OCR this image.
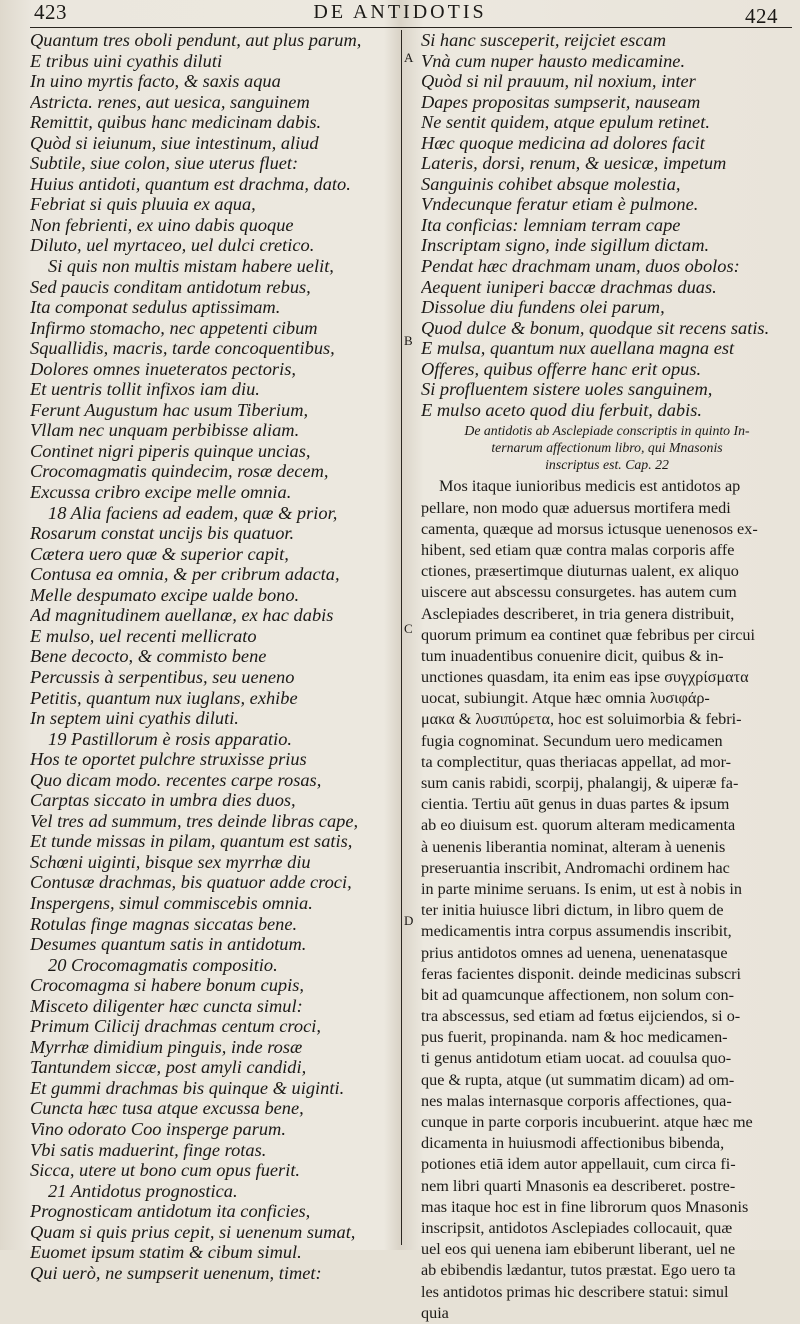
423	DE ANTIDOTIS	424
Quantum tres oboli pendunt, aut plus parum,
E tribus uini cyathis diluti
In uino myrtis facto, & saxis aqua
Astricta. renes, aut uesica, sanguinem
Remittit, quibus hanc medicinam dabis.
Quòd si ieiunum, siue intestinum, aliud
Subtile, siue colon, siue uterus fluet:
Huius antidoti, quantum est drachma, dato.
Febriat si quis pluuia ex aqua,
Non febrienti, ex uino dabis quoque
Diluto, uel myrtaceo, uel dulci cretico.
Si quis non multis mistam habere uelit,
Sed paucis conditam antidotum rebus,
Ita componat sedulus aptissimam.
Infirmo stomacho, nec appetenti cibum
Squallidis, macris, tarde concoquentibus,
Dolores omnes inueteratos pectoris,
Et uentris tollit infixos iam diu.
Ferunt Augustum hac usum Tiberium,
Vllam nec unquam perbibisse aliam.
Continet nigri piperis quinque uncias,
Crocomagmatis quindecim, rosæ decem,
Excussa cribro excipe melle omnia.
18 Alia faciens ad eadem, quæ & prior,
Rosarum constat uncijs bis quatuor.
Cætera uero quæ & superior capit,
Contusa ea omnia, & per cribrum adacta,
Melle despumato excipe ualde bono.
Ad magnitudinem auellanæ, ex hac dabis
E mulso, uel recenti mellicrato
Bene decocto, & commisto bene
Percussis à serpentibus, seu ueneno
Petitis, quantum nux iuglans, exhibe
In septem uini cyathis diluti.
19 Pastillorum è rosis apparatio.
Hos te oportet pulchre struxisse prius
Quo dicam modo. recentes carpe rosas,
Carptas siccato in umbra dies duos,
Vel tres ad summum, tres deinde libras cape,
Et tunde missas in pilam, quantum est satis,
Schœni uiginti, bisque sex myrrhæ diu
Contusæ drachmas, bis quatuor adde croci,
Inspergens, simul commiscebis omnia.
Rotulas finge magnas siccatas bene.
Desumes quantum satis in antidotum.
20 Crocomagmatis compositio.
Crocomagma si habere bonum cupis,
Misceto diligenter hæc cuncta simul:
Primum Cilicij drachmas centum croci,
Myrrhæ dimidium pinguis, inde rosæ
Tantundem siccæ, post amyli candidi,
Et gummi drachmas bis quinque & uiginti.
Cuncta hæc tusa atque excussa bene,
Vino odorato Coo insperge parum.
Vbi satis maduerint, finge rotas.
Sicca, utere ut bono cum opus fuerit.
21 Antidotus prognostica.
Prognosticam antidotum ita conficies,
Quam si quis prius cepit, si uenenum sumat,
Euomet ipsum statim & cibum simul.
Qui uerò, ne sumpserit uenenum, timet:
Si hanc susceperit, reijciet escam
Vnà cum nuper hausto medicamine.
Quòd si nil prauum, nil noxium, inter
Dapes propositas sumpserit, nauseam
Ne sentit quidem, atque epulum retinet.
Hæc quoque medicina ad dolores facit
Lateris, dorsi, renum, & uesicæ, impetum
Sanguinis cohibet absque molestia,
Vndecunque feratur etiam è pulmone.
Ita conficias: lemniam terram cape
Inscriptam signo, inde sigillum dictam.
Pendat hæc drachmam unam, duos obolos:
Aequent iuniperi baccæ drachmas duas.
Dissolue diu fundens olei parum,
Quod dulce & bonum, quodque sit recens satis.
E mulsa, quantum nux auellana magna est
Offeres, quibus offerre hanc erit opus.
Si profluentem sistere uoles sanguinem,
E mulso aceto quod diu ferbuit, dabis.
De antidotis ab Asclepiade conscriptis in quinto In-
ternarum affectionum libro, qui Mnasonis
inscriptus est. Cap. 22
Mos itaque iunioribus medicis est antidotos ap
pellare, non modo quæ aduersus mortifera medi
camenta, quæque ad morsus ictusque uenenosos ex-
hibent, sed etiam quæ contra malas corporis affe
ctiones, præsertimque diuturnas ualent, ex aliquo
uiscere aut abscessu consurgetes. has autem cum
Asclepiades describeret, in tria genera distribuit,
quorum primum ea continet quæ febribus per circui
tum inuadentibus conuenire dicit, quibus & in-
unctiones quasdam, ita enim eas ipse συγχρίσματα
uocat, subiungit. Atque hæc omnia λυσιφάρ-
μακα & λυσιπύρετα, hoc est soluimorbia & febri-
fugia cognominat. Secundum uero medicamen
ta complectitur, quas theriacas appellat, ad mor-
sum canis rabidi, scorpij, phalangij, & uiperæ fa-
cientia. Tertiu aūt genus in duas partes & ipsum
ab eo diuisum est. quorum alteram medicamenta
à uenenis liberantia nominat, alteram à uenenis
preseruantia inscribit, Andromachi ordinem hac
in parte minime seruans. Is enim, ut est à nobis in
ter initia huiusce libri dictum, in libro quem de
medicamentis intra corpus assumendis inscribit,
prius antidotos omnes ad uenena, uenenatasque
feras facientes disponit. deinde medicinas subscri
bit ad quamcunque affectionem, non solum con-
tra abscessus, sed etiam ad fœtus eijciendos, si o-
pus fuerit, propinanda. nam & hoc medicamen-
ti genus antidotum etiam uocat. ad couulsa quo-
que & rupta, atque (ut summatim dicam) ad om-
nes malas internasque corporis affectiones, qua-
cunque in parte corporis incubuerint. atque hæc me
dicamenta in huiusmodi affectionibus bibenda,
potiones etiā idem autor appellauit, cum circa fi-
nem libri quarti Mnasonis ea describeret. postre-
mas itaque hoc est in fine librorum quos Mnasonis
inscripsit, antidotos Asclepiades collocauit, quæ
uel eos qui uenena iam ebiberunt liberant, uel ne
ab ebibendis lædantur, tutos præstat. Ego uero ta
les antidotos primas hic describere statui: simul
quia
A
B
C
D
